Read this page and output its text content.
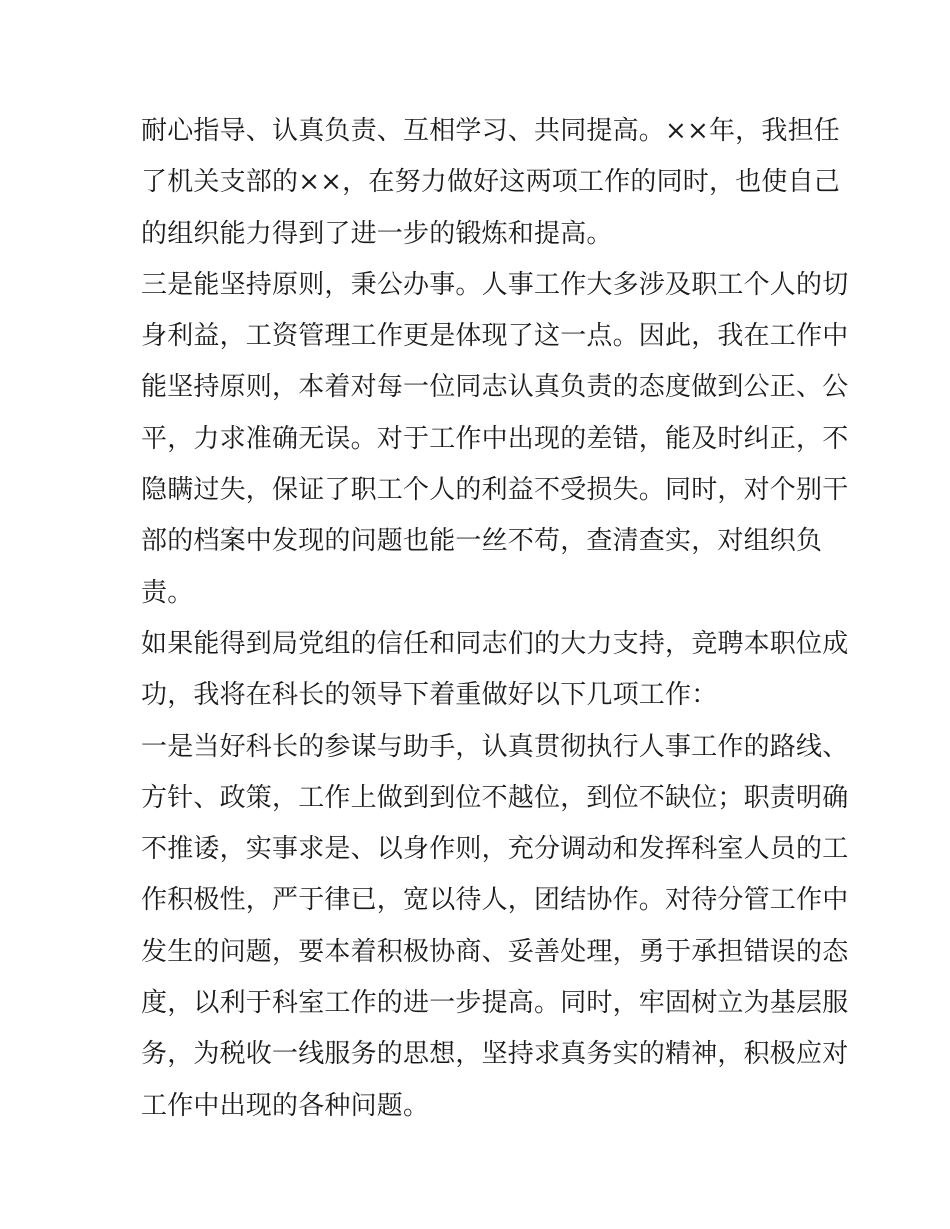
耐心指导、认真负责、互相学习、共同提高。××年，我担任
了机关支部的××，在努力做好这两项工作的同时，也使自己
的组织能力得到了进一步的锻炼和提高。
三是能坚持原则，秉公办事。人事工作大多涉及职工个人的切
身利益，工资管理工作更是体现了这一点。因此，我在工作中
能坚持原则，本着对每一位同志认真负责的态度做到公正、公
平，力求准确无误。对于工作中出现的差错，能及时纠正，不
隐瞒过失，保证了职工个人的利益不受损失。同时，对个别干
部的档案中发现的问题也能一丝不苟，查清查实，对组织负
责。
如果能得到局党组的信任和同志们的大力支持，竞聘本职位成
功，我将在科长的领导下着重做好以下几项工作：
一是当好科长的参谋与助手，认真贯彻执行人事工作的路线、
方针、政策，工作上做到到位不越位，到位不缺位；职责明确
不推诿，实事求是、以身作则，充分调动和发挥科室人员的工
作积极性，严于律已，宽以待人，团结协作。对待分管工作中
发生的问题，要本着积极协商、妥善处理，勇于承担错误的态
度，以利于科室工作的进一步提高。同时，牢固树立为基层服
务，为税收一线服务的思想，坚持求真务实的精神，积极应对
工作中出现的各种问题。
